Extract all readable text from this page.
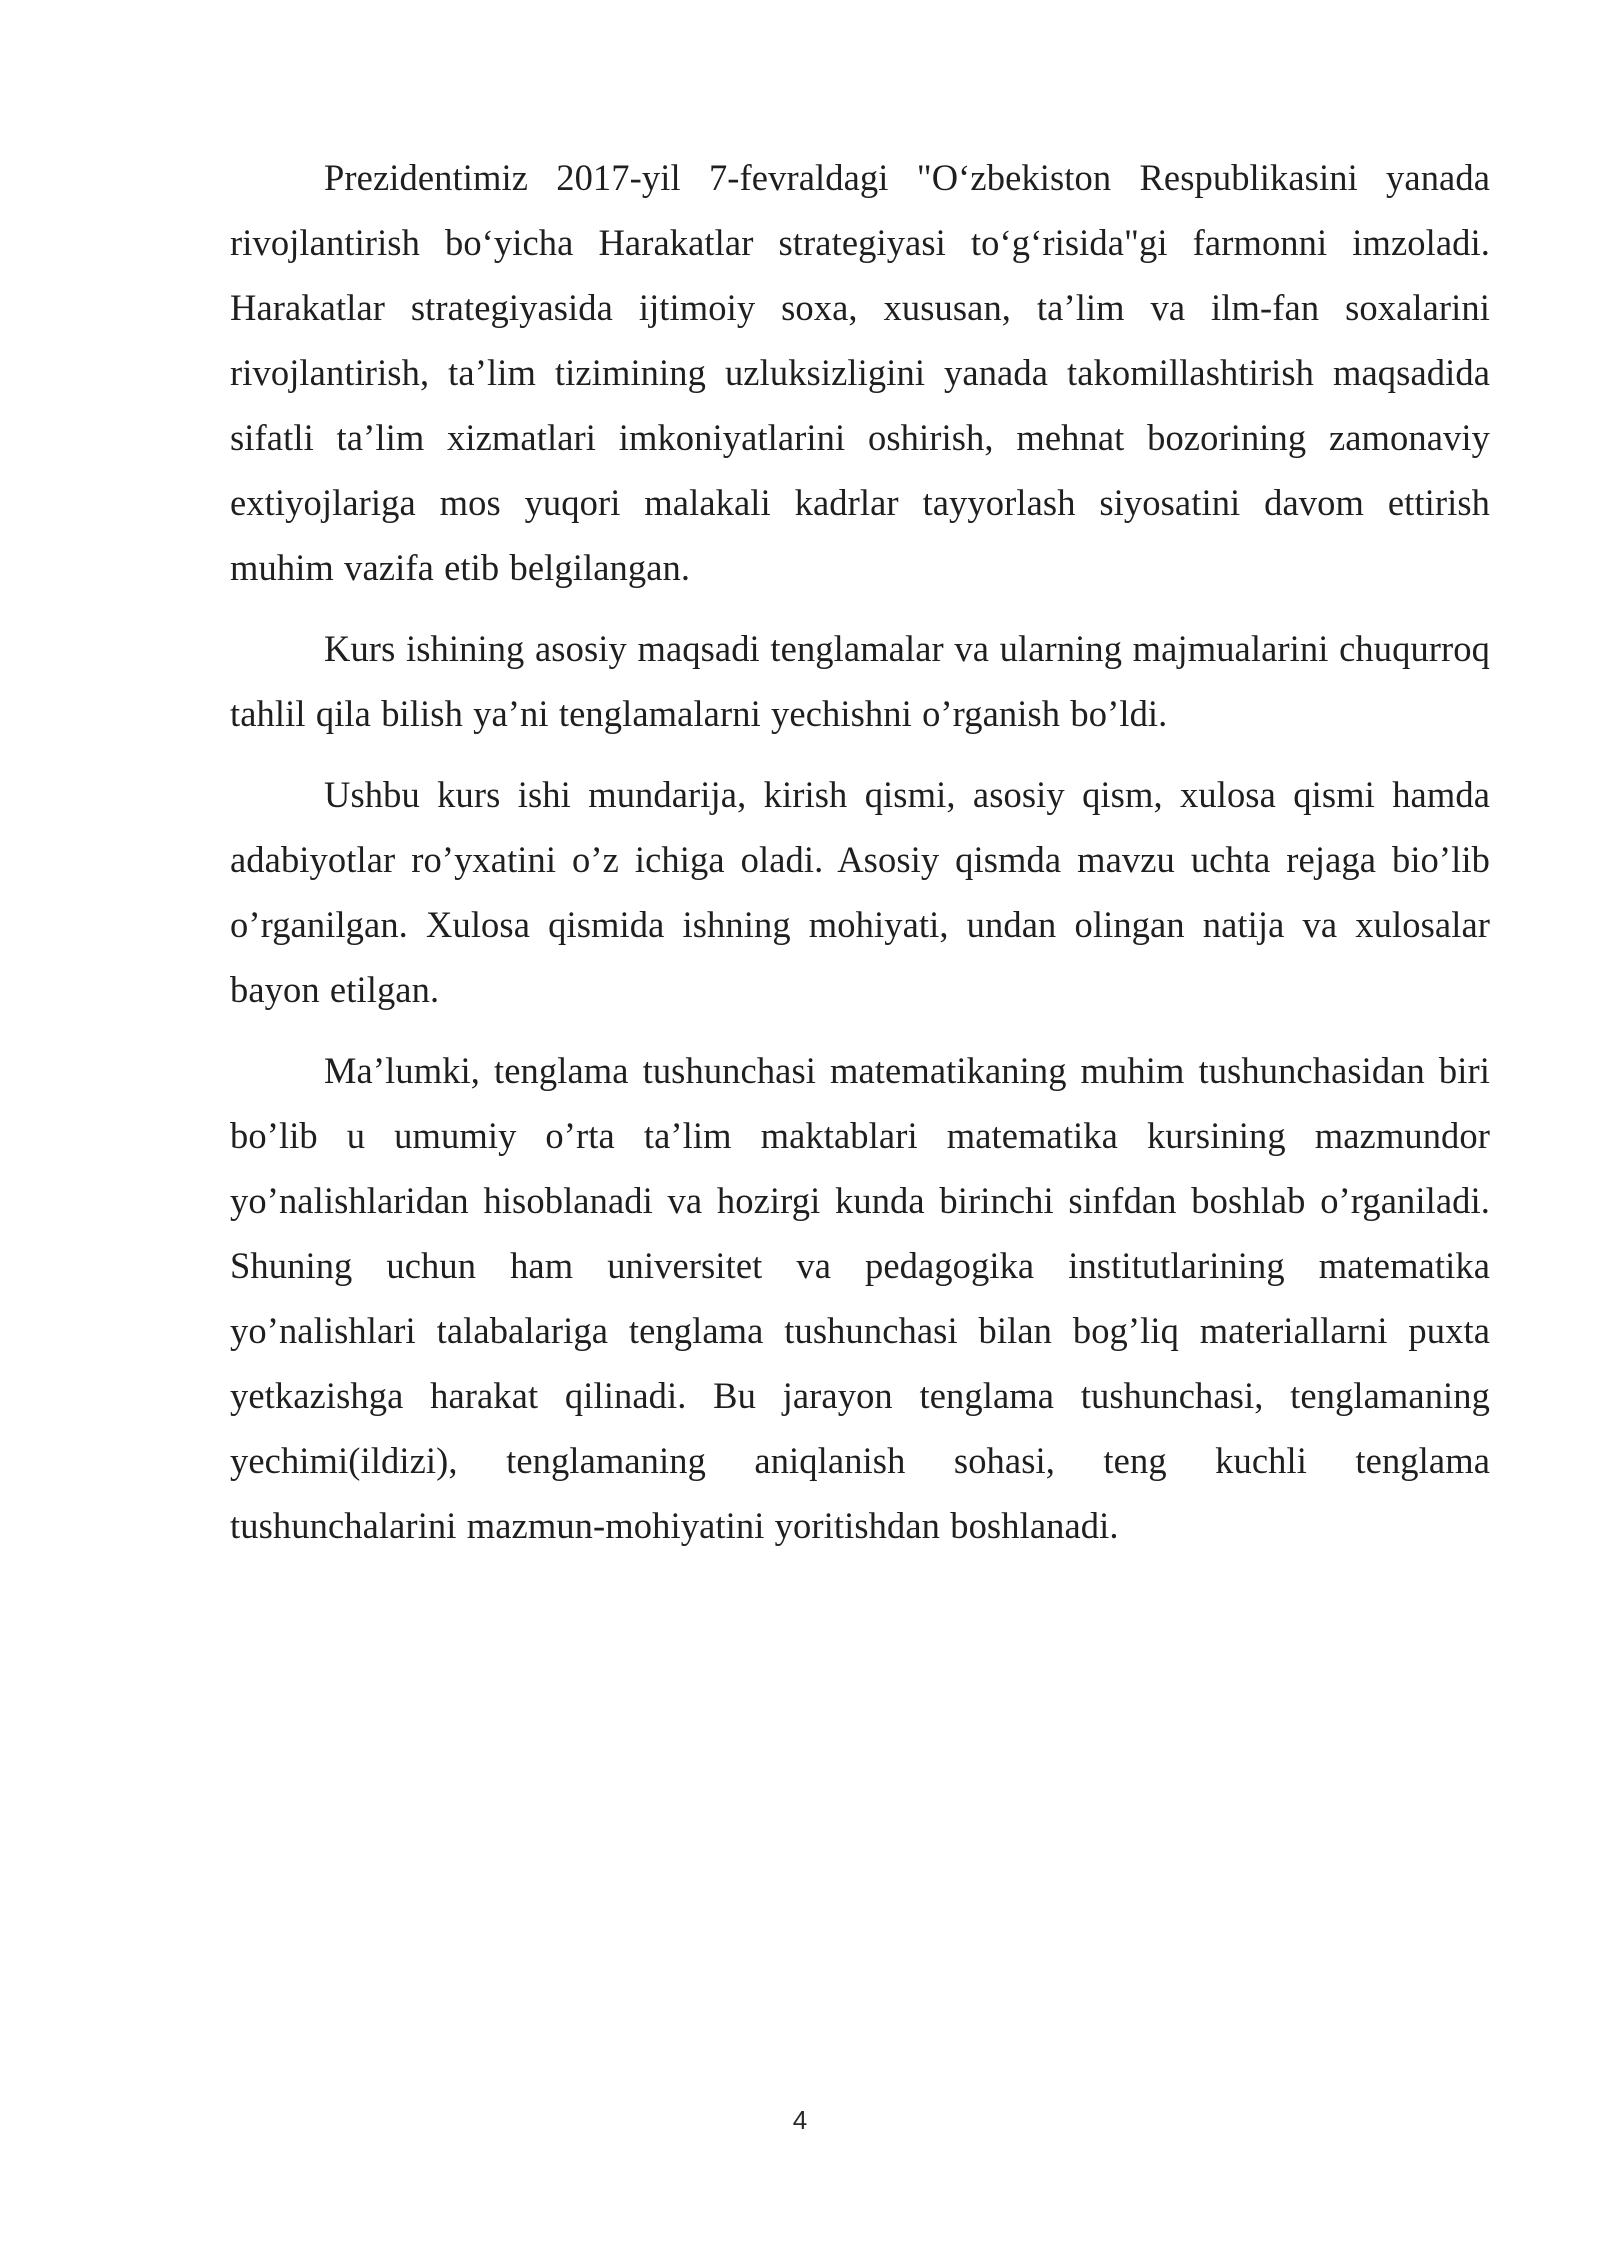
Prezidentimiz 2017-yil 7-fevraldagi "O‘zbekiston Respublikasini yanada rivojlantirish bo‘yicha Harakatlar strategiyasi to‘g‘risida"gi farmonni imzoladi. Harakatlar strategiyasida ijtimoiy soxa, xususan, ta’lim va ilm-fan soxalarini rivojlantirish, ta’lim tizimining uzluksizligini yanada takomillashtirish maqsadida sifatli ta’lim xizmatlari imkoniyatlarini oshirish, mehnat bozorining zamonaviy extiyojlariga mos yuqori malakali kadrlar tayyorlash siyosatini davom ettirish muhim vazifa etib belgilangan.

Kurs ishining asosiy maqsadi tenglamalar va ularning majmualarini chuqurroq tahlil qila bilish ya’ni tenglamalarni yechishni o’rganish bo’ldi.

Ushbu kurs ishi mundarija, kirish qismi, asosiy qism, xulosa qismi hamda adabiyotlar ro’yxatini o’z ichiga oladi. Asosiy qismda mavzu uchta rejaga bio’lib o’rganilgan. Xulosa qismida ishning mohiyati, undan olingan natija va xulosalar bayon etilgan.

Ma’lumki, tenglama tushunchasi matematikaning muhim tushunchasidan biri bo’lib u umumiy o’rta ta’lim maktablari matematika kursining mazmundor yo’nalishlaridan hisoblanadi va hozirgi kunda birinchi sinfdan boshlab o’rganiladi. Shuning uchun ham universitet va pedagogika institutlarining matematika yo’nalishlari talabalariga tenglama tushunchasi bilan bog’liq materiallarni puxta yetkazishga harakat qilinadi. Bu jarayon tenglama tushunchasi, tenglamaning yechimi(ildizi), tenglamaning aniqlanish sohasi, teng kuchli tenglama tushunchalarini mazmun-mohiyatini yoritishdan boshlanadi.

4
